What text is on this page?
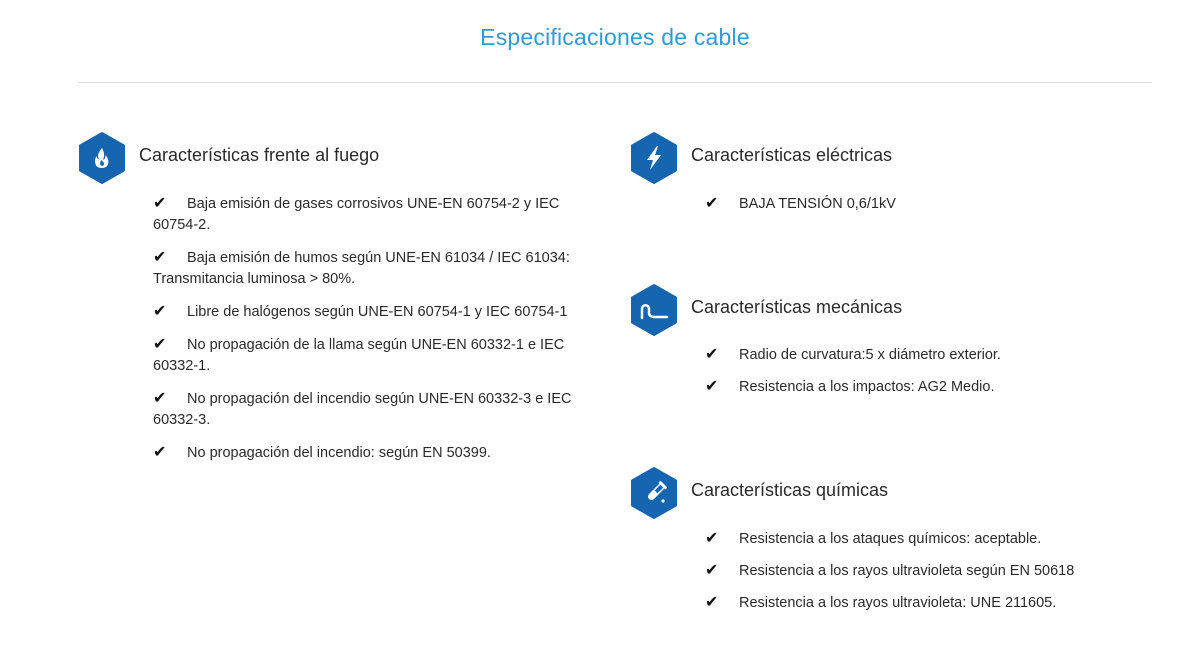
Especificaciones de cable
Características frente al fuego
✔ Baja emisión de gases corrosivos UNE-EN 60754-2 y IEC 60754-2.
✔ Baja emisión de humos según UNE-EN 61034 / IEC 61034: Transmitancia luminosa > 80%.
✔ Libre de halógenos según UNE-EN 60754-1 y IEC 60754-1
✔ No propagación de la llama según UNE-EN 60332-1 e IEC 60332-1.
✔ No propagación del incendio según UNE-EN 60332-3 e IEC 60332-3.
✔ No propagación del incendio: según EN 50399.
Características eléctricas
✔ BAJA TENSIÓN 0,6/1kV
Características mecánicas
✔ Radio de curvatura:5 x diámetro exterior.
✔ Resistencia a los impactos: AG2 Medio.
Características químicas
✔ Resistencia a los ataques químicos: aceptable.
✔ Resistencia a los rayos ultravioleta según EN 50618
✔ Resistencia a los rayos ultravioleta: UNE 211605.
